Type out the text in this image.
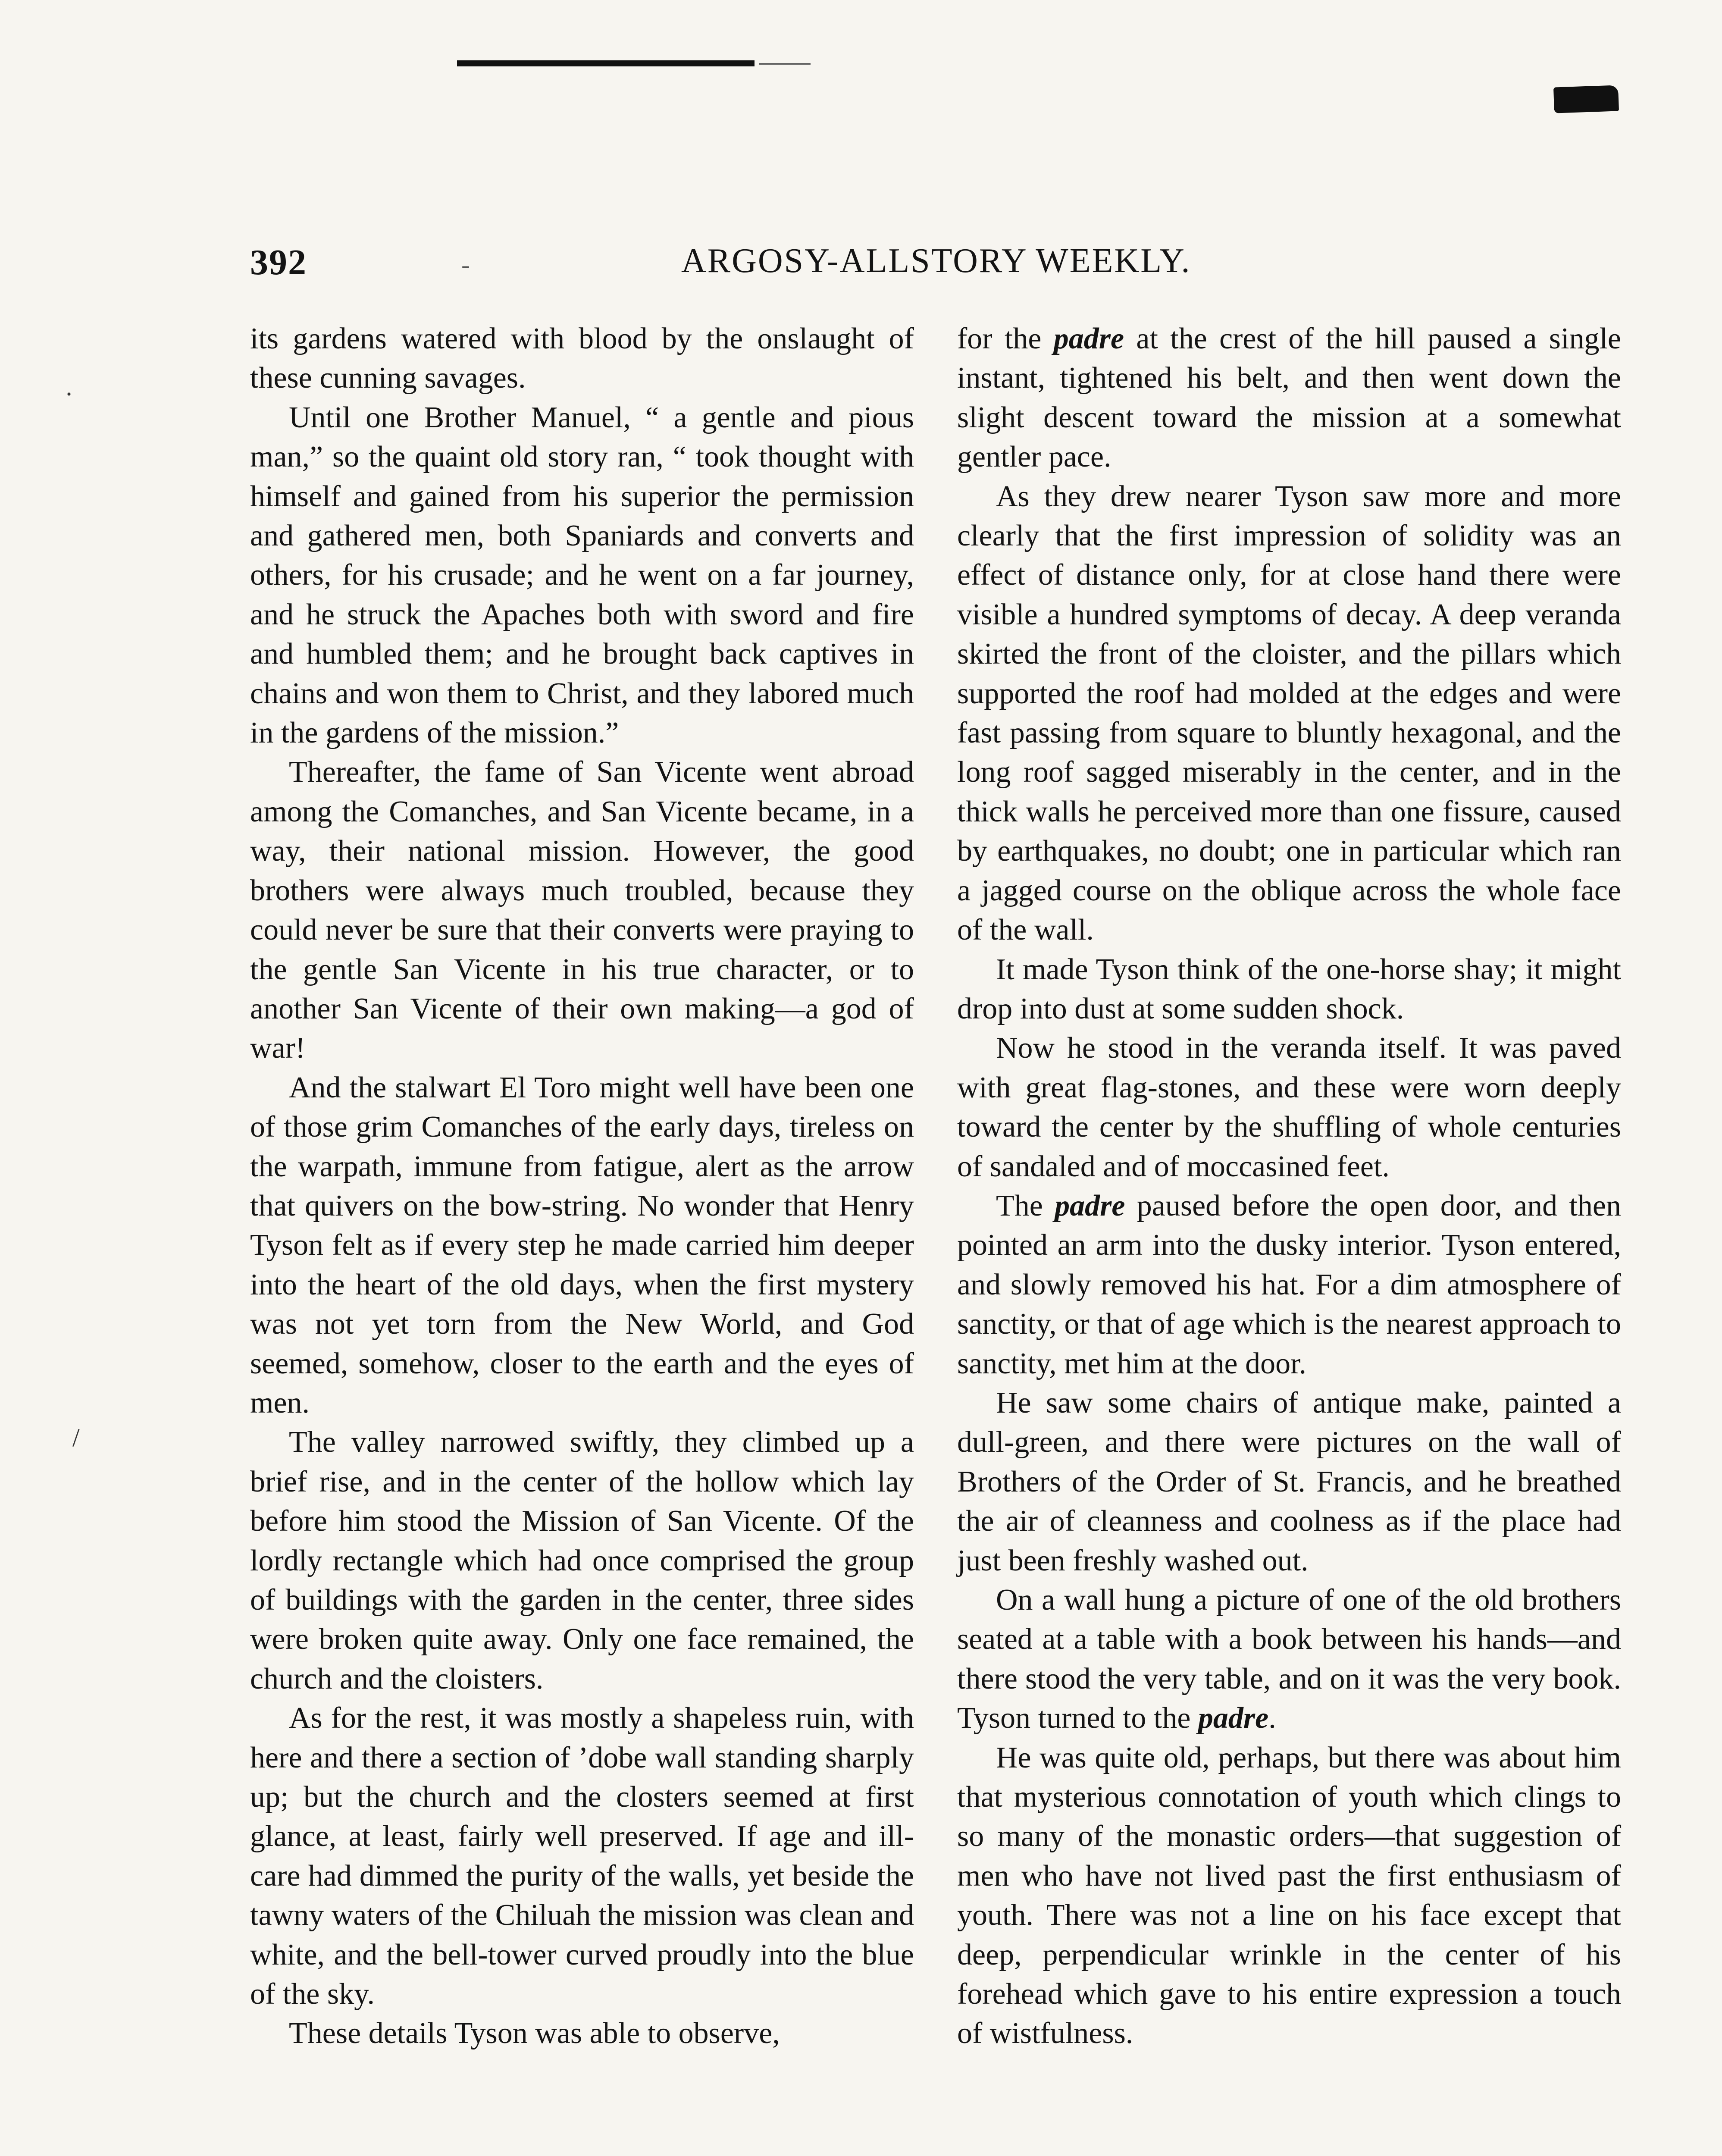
392	-	ARGOSY-ALLSTORY WEEKLY.

its gardens watered with blood by the onslaught of these cunning savages.

Until one Brother Manuel, “ a gentle and pious man,” so the quaint old story ran, “ took thought with himself and gained from his superior the permission and gathered men, both Spaniards and converts and others, for his crusade; and he went on a far journey, and he struck the Apaches both with sword and fire and humbled them; and he brought back captives in chains and won them to Christ, and they labored much in the gardens of the mission.”

Thereafter, the fame of San Vicente went abroad among the Comanches, and San Vicente became, in a way, their national mission. However, the good brothers were always much troubled, because they could never be sure that their converts were praying to the gentle San Vicente in his true character, or to another San Vicente of their own making—a god of war!

And the stalwart El Toro might well have been one of those grim Comanches of the early days, tireless on the warpath, immune from fatigue, alert as the arrow that quivers on the bow-string. No wonder that Henry Tyson felt as if every step he made carried him deeper into the heart of the old days, when the first mystery was not yet torn from the New World, and God seemed, somehow, closer to the earth and the eyes of men.

The valley narrowed swiftly, they climbed up a brief rise, and in the center of the hollow which lay before him stood the Mission of San Vicente. Of the lordly rectangle which had once comprised the group of buildings with the garden in the center, three sides were broken quite away. Only one face remained, the church and the cloisters.

As for the rest, it was mostly a shapeless ruin, with here and there a section of ’dobe wall standing sharply up; but the church and the closters seemed at first glance, at least, fairly well preserved. If age and ill-care had dimmed the purity of the walls, yet beside the tawny waters of the Chiluah the mission was clean and white, and the bell-tower curved proudly into the blue of the sky.

These details Tyson was able to observe,

for the padre at the crest of the hill paused a single instant, tightened his belt, and then went down the slight descent toward the mission at a somewhat gentler pace.

As they drew nearer Tyson saw more and more clearly that the first impression of solidity was an effect of distance only, for at close hand there were visible a hundred symptoms of decay. A deep veranda skirted the front of the cloister, and the pillars which supported the roof had molded at the edges and were fast passing from square to bluntly hexagonal, and the long roof sagged miserably in the center, and in the thick walls he perceived more than one fissure, caused by earthquakes, no doubt; one in particular which ran a jagged course on the oblique across the whole face of the wall.

It made Tyson think of the one-horse shay; it might drop into dust at some sudden shock.

Now he stood in the veranda itself. It was paved with great flag-stones, and these were worn deeply toward the center by the shuffling of whole centuries of sandaled and of moccasined feet.

The padre paused before the open door, and then pointed an arm into the dusky interior. Tyson entered, and slowly removed his hat. For a dim atmosphere of sanctity, or that of age which is the nearest approach to sanctity, met him at the door.

He saw some chairs of antique make, painted a dull-green, and there were pictures on the wall of Brothers of the Order of St. Francis, and he breathed the air of cleanness and coolness as if the place had just been freshly washed out.

On a wall hung a picture of one of the old brothers seated at a table with a book between his hands—and there stood the very table, and on it was the very book. Tyson turned to the padre.

He was quite old, perhaps, but there was about him that mysterious connotation of youth which clings to so many of the monastic orders—that suggestion of men who have not lived past the first enthusiasm of youth. There was not a line on his face except that deep, perpendicular wrinkle in the center of his forehead which gave to his entire expression a touch of wistfulness.

·
/
